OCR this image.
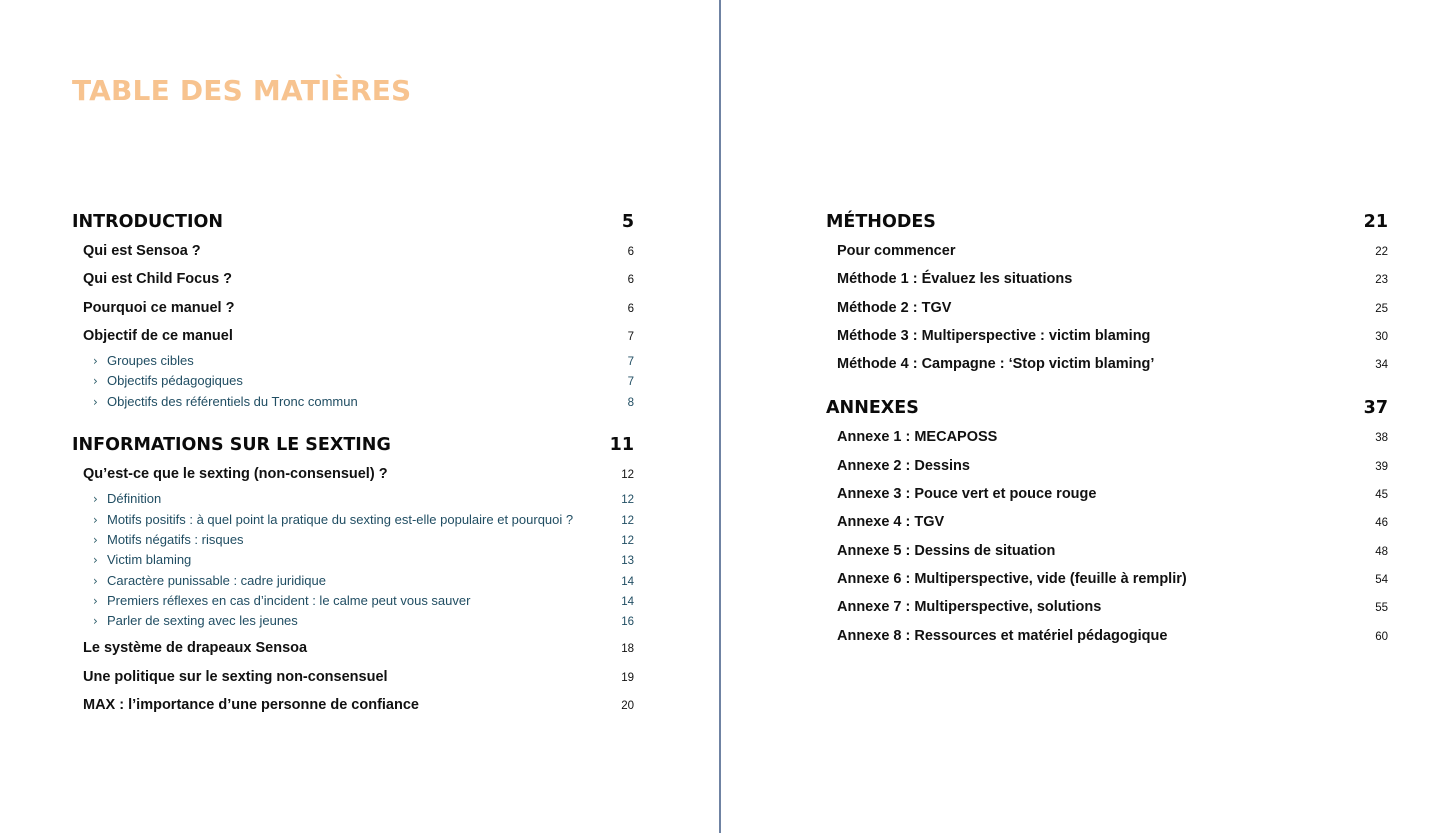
TABLE DES MATIÈRES
INTRODUCTION	5
Qui est Sensoa ?	6
Qui est Child Focus ?	6
Pourquoi ce manuel ?	6
Objectif de ce manuel	7
› Groupes cibles	7
› Objectifs pédagogiques	7
› Objectifs des référentiels du Tronc commun	8
INFORMATIONS SUR LE SEXTING	11
Qu’est-ce que le sexting (non-consensuel) ?	12
› Définition	12
› Motifs positifs : à quel point la pratique du sexting est-elle populaire et pourquoi ?	12
› Motifs négatifs : risques	12
› Victim blaming	13
› Caractère punissable : cadre juridique	14
› Premiers réflexes en cas d’incident : le calme peut vous sauver	14
› Parler de sexting avec les jeunes	16
Le système de drapeaux Sensoa	18
Une politique sur le sexting non-consensuel	19
MAX : l’importance d’une personne de confiance	20
MÉTHODES	21
Pour commencer	22
Méthode 1 : Évaluez les situations	23
Méthode 2 : TGV	25
Méthode 3 : Multiperspective : victim blaming	30
Méthode 4 : Campagne : ‘Stop victim blaming’	34
ANNEXES	37
Annexe 1 : MECAPOSS	38
Annexe 2 : Dessins	39
Annexe 3 : Pouce vert et pouce rouge	45
Annexe 4 : TGV	46
Annexe 5 : Dessins de situation	48
Annexe 6 : Multiperspective, vide (feuille à remplir)	54
Annexe 7 : Multiperspective, solutions	55
Annexe 8 : Ressources et matériel pédagogique	60
